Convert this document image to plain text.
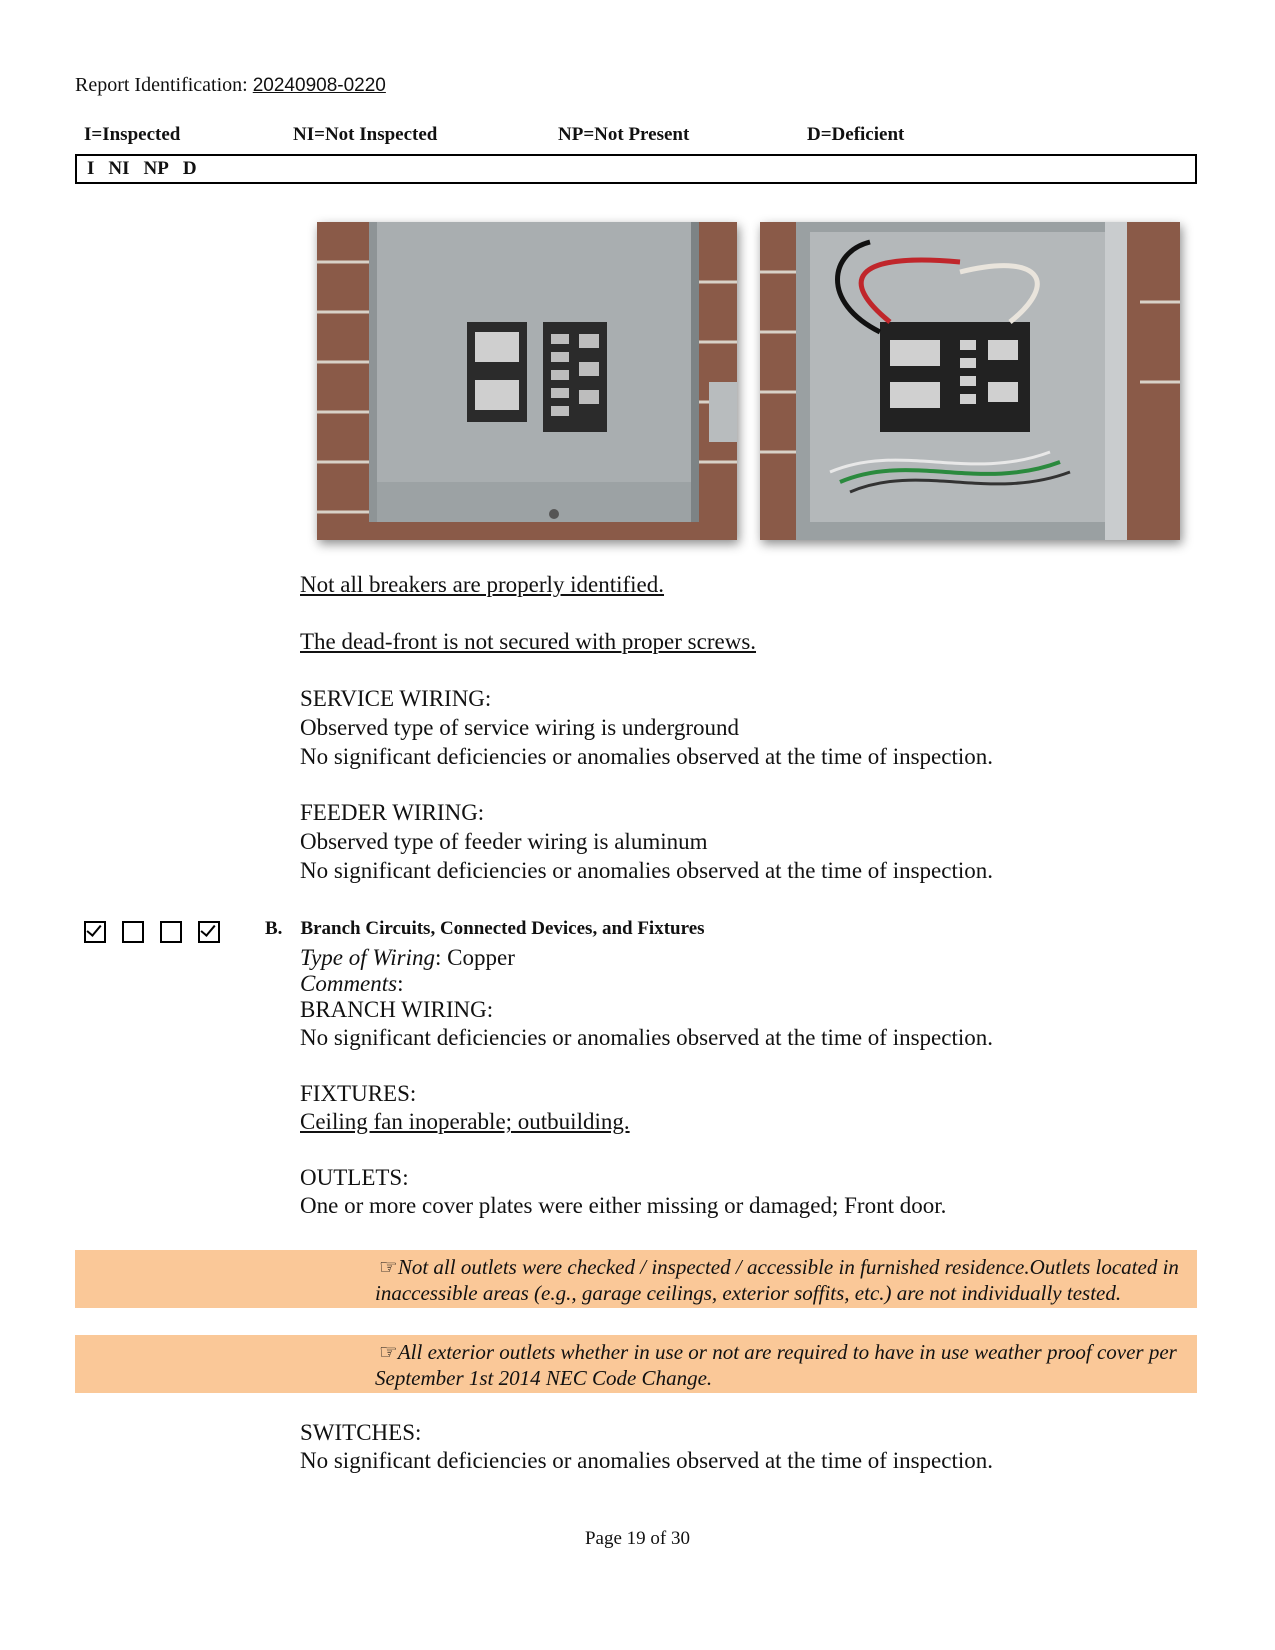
Report Identification: 20240908-0220
I=Inspected	NI=Not Inspected	NP=Not Present	D=Deficient
I NI NP D
Not all breakers are properly identified.
The dead-front is not secured with proper screws.
SERVICE WIRING:
Observed type of service wiring is underground
No significant deficiencies or anomalies observed at the time of inspection.
FEEDER WIRING:
Observed type of feeder wiring is aluminum
No significant deficiencies or anomalies observed at the time of inspection.
B. Branch Circuits, Connected Devices, and Fixtures
Type of Wiring: Copper
Comments:
BRANCH WIRING:
No significant deficiencies or anomalies observed at the time of inspection.
FIXTURES:
Ceiling fan inoperable; outbuilding.
OUTLETS:
One or more cover plates were either missing or damaged; Front door.
☞Not all outlets were checked / inspected / accessible in furnished residence.Outlets located in inaccessible areas (e.g., garage ceilings, exterior soffits, etc.) are not individually tested.
☞All exterior outlets whether in use or not are required to have in use weather proof cover per September 1st 2014 NEC Code Change.
SWITCHES:
No significant deficiencies or anomalies observed at the time of inspection.
Page 19 of 30
